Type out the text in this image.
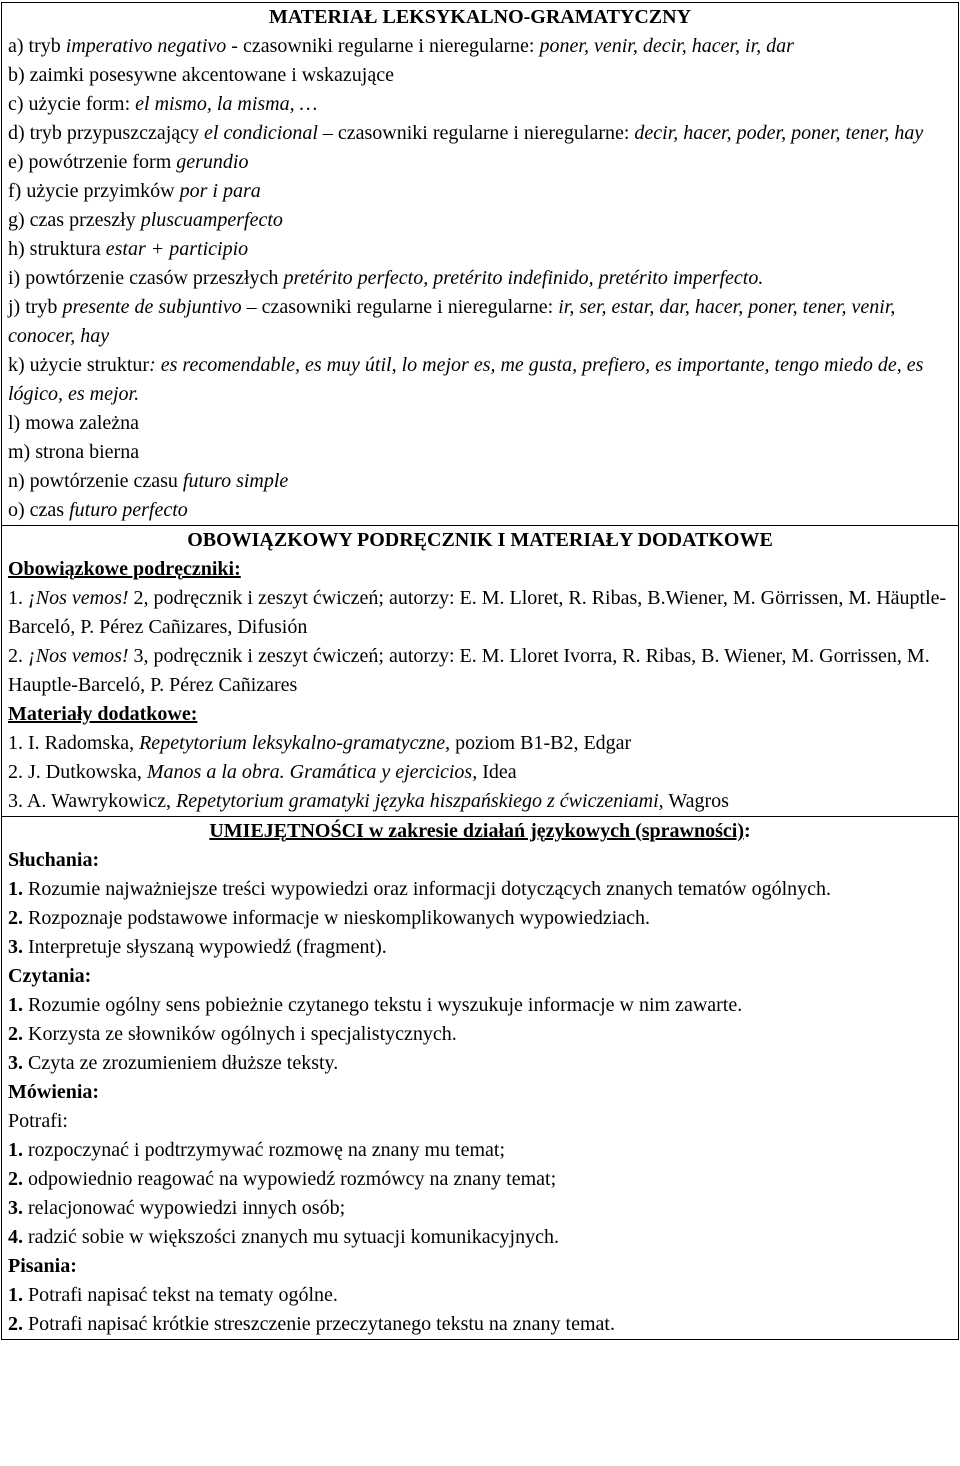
MATERIAŁ LEKSYKALNO-GRAMATYCZNY
a) tryb imperativo negativo - czasowniki regularne i nieregularne: poner, venir, decir, hacer, ir, dar
b) zaimki posesywne akcentowane i wskazujące
c) użycie form: el mismo, la misma, …
d) tryb przypuszczający el condicional – czasowniki regularne i nieregularne: decir, hacer, poder, poner, tener, hay
e) powótrzenie form gerundio
f) użycie przyimków por i para
g) czas przeszły pluscuamperfecto
h) struktura estar + participio
i) powtórzenie czasów przeszłych pretérito perfecto, pretérito indefinido, pretérito imperfecto.
j) tryb presente de subjuntivo – czasowniki regularne i nieregularne: ir, ser, estar, dar, hacer, poner, tener, venir, conocer, hay
k) użycie struktur: es recomendable, es muy útil, lo mejor es, me gusta, prefiero, es importante, tengo miedo de, es lógico, es mejor.
l) mowa zależna
m) strona bierna
n) powtórzenie czasu futuro simple
o) czas futuro perfecto
OBOWIĄZKOWY PODRĘCZNIK I MATERIAŁY DODATKOWE
Obowiązkowe podręczniki:
1. ¡Nos vemos! 2, podręcznik i zeszyt ćwiczeń; autorzy: E. M. Lloret, R. Ribas, B.Wiener, M. Görrissen, M. Häuptle-Barceló, P. Pérez Cañizares, Difusión
2. ¡Nos vemos! 3, podręcznik i zeszyt ćwiczeń; autorzy: E. M. Lloret Ivorra, R. Ribas, B. Wiener, M. Gorrissen, M. Hauptle-Barceló, P. Pérez Cañizares
Materiały dodatkowe:
1. I. Radomska, Repetytorium leksykalno-gramatyczne, poziom B1-B2, Edgar
2. J. Dutkowska, Manos a la obra. Gramática y ejercicios, Idea
3. A. Wawrykowicz, Repetytorium gramatyki języka hiszpańskiego z ćwiczeniami, Wagros
UMIEJĘTNOŚCI w zakresie działań językowych (sprawności):
Słuchania:
1. Rozumie najważniejsze treści wypowiedzi oraz informacji dotyczących znanych tematów ogólnych.
2. Rozpoznaje podstawowe informacje w nieskomplikowanych wypowiedziach.
3. Interpretuje słyszaną wypowiedź (fragment).
Czytania:
1. Rozumie ogólny sens pobieżnie czytanego tekstu i wyszukuje informacje w nim zawarte.
2. Korzysta ze słowników ogólnych i specjalistycznych.
3. Czyta ze zrozumieniem dłuższe teksty.
Mówienia:
Potrafi:
1. rozpoczynać i podtrzymywać rozmowę na znany mu temat;
2. odpowiednio reagować na wypowiedź rozmówcy na znany temat;
3. relacjonować wypowiedzi innych osób;
4. radzić sobie w większości znanych mu sytuacji komunikacyjnych.
Pisania:
1. Potrafi napisać tekst na tematy ogólne.
2. Potrafi napisać krótkie streszczenie przeczytanego tekstu na znany temat.
